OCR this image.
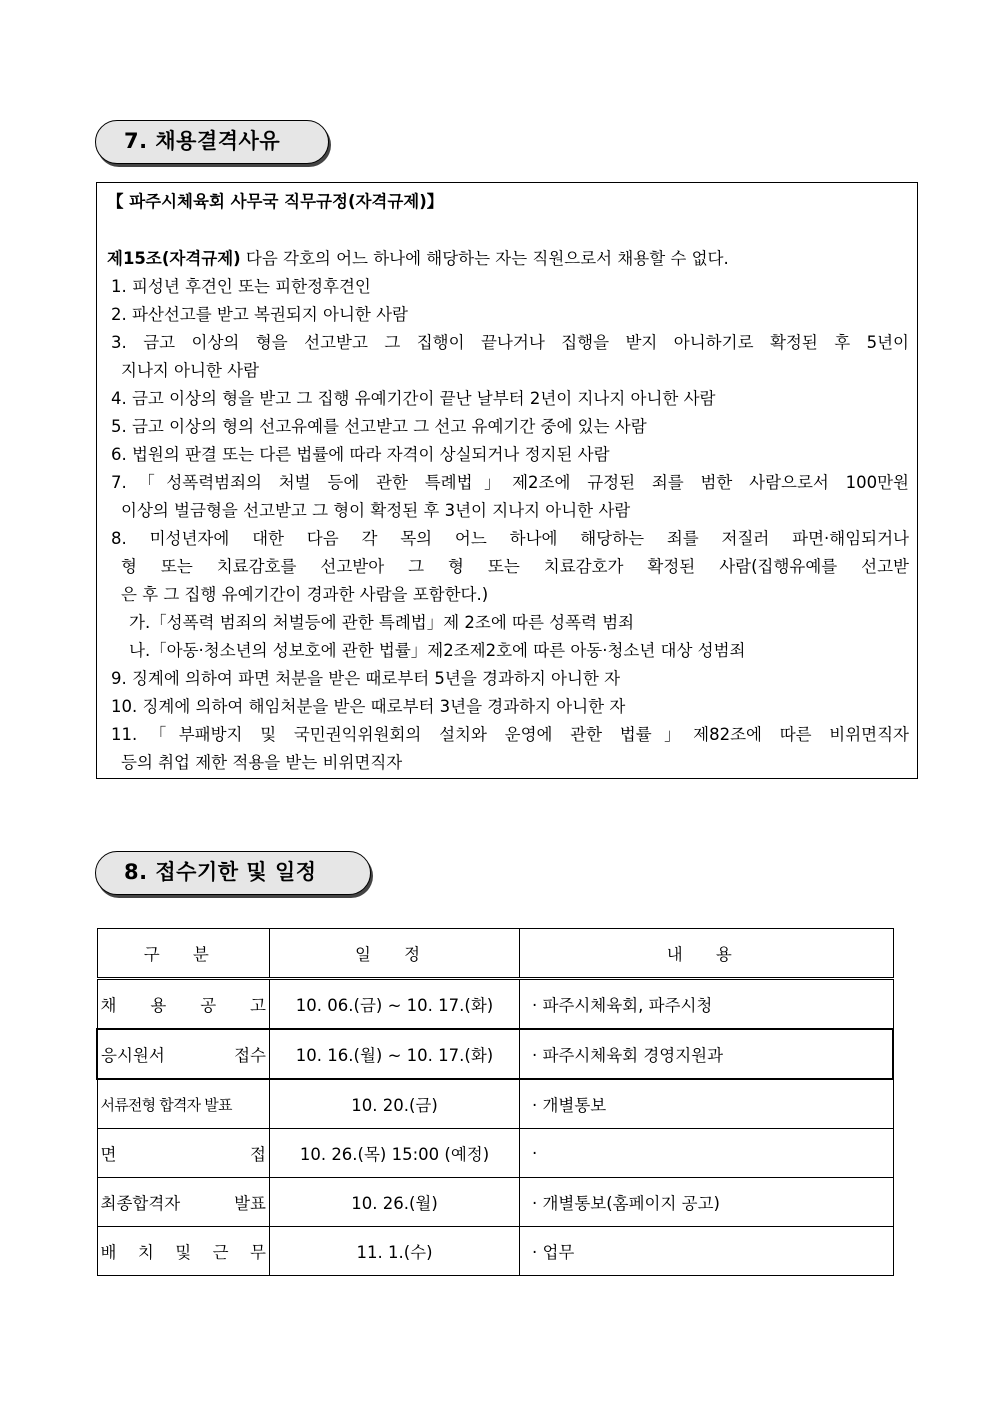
7. 채용결격사유
【 파주시체육회 사무국 직무규정(자격규제)】
제15조(자격규제) 다음 각호의 어느 하나에 해당하는 자는 직원으로서 채용할 수 없다.
1. 피성년 후견인 또는 피한정후견인
2. 파산선고를 받고 복권되지 아니한 사람
3. 금고 이상의 형을 선고받고 그 집행이 끝나거나 집행을 받지 아니하기로 확정된 후 5년이
지나지 아니한 사람
4. 금고 이상의 형을 받고 그 집행 유예기간이 끝난 날부터 2년이 지나지 아니한 사람
5. 금고 이상의 형의 선고유예를 선고받고 그 선고 유예기간 중에 있는 사람
6. 법원의 판결 또는 다른 법률에 따라 자격이 상실되거나 정지된 사람
7.「성폭력범죄의 처벌 등에 관한 특례법」제2조에 규정된 죄를 범한 사람으로서 100만원
이상의 벌금형을 선고받고 그 형이 확정된 후 3년이 지나지 아니한 사람
8. 미성년자에 대한 다음 각 목의 어느 하나에 해당하는 죄를 저질러 파면·해임되거나
형 또는 치료감호를 선고받아 그 형 또는 치료감호가 확정된 사람(집행유예를 선고받
은 후 그 집행 유예기간이 경과한 사람을 포함한다.)
가.「성폭력 범죄의 처벌등에 관한 특례법」제 2조에 따른 성폭력 범죄
나.「아동·청소년의 성보호에 관한 법률」제2조제2호에 따른 아동·청소년 대상 성범죄
9. 징계에 의하여 파면 처분을 받은 때로부터 5년을 경과하지 아니한 자
10. 징계에 의하여 해임처분을 받은 때로부터 3년을 경과하지 아니한 자
11.「부패방지 및 국민권익위원회의 설치와 운영에 관한 법률」제82조에 따른 비위면직자
등의 취업 제한 적용을 받는 비위면직자
8. 접수기한 및 일정
구 분	일 정	내 용

채 용 공 고	10. 06.(금) ~ 10. 17.(화)	· 파주시체육회, 파주시청

응시원서 접수	10. 16.(월) ~ 10. 17.(화)	· 파주시체육회 경영지원과
서류전형 합격자 발표	10. 20.(금)	· 개별통보

면 접	10. 26.(목) 15:00 (예정)	·

최종합격자 발표	10. 26.(월)	· 개별통보(홈페이지 공고)

배 치 및 근 무	11. 1.(수)	· 업무
